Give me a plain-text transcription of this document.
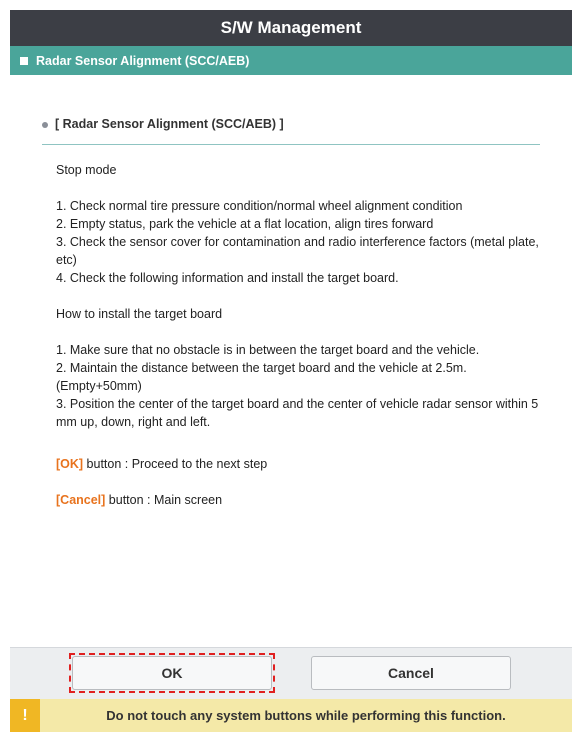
S/W Management
Radar Sensor Alignment (SCC/AEB)
[ Radar Sensor Alignment (SCC/AEB) ]

Stop mode

1. Check normal tire pressure condition/normal wheel alignment condition

2. Empty status, park the vehicle at a flat location, align tires forward

3. Check the sensor cover for contamination and radio interference factors (metal plate, etc)

4. Check the following information and install the target board.

How to install the target board

1. Make sure that no obstacle is in between the target board and the vehicle.

2. Maintain the distance between the target board and the vehicle at 2.5m. (Empty+50mm)

3. Position the center of the target board and the center of vehicle radar sensor within 5 mm up, down, right and left.

[OK] button : Proceed to the next step

[Cancel] button : Main screen

OK	Cancel
!	Do not touch any system buttons while performing this function.
